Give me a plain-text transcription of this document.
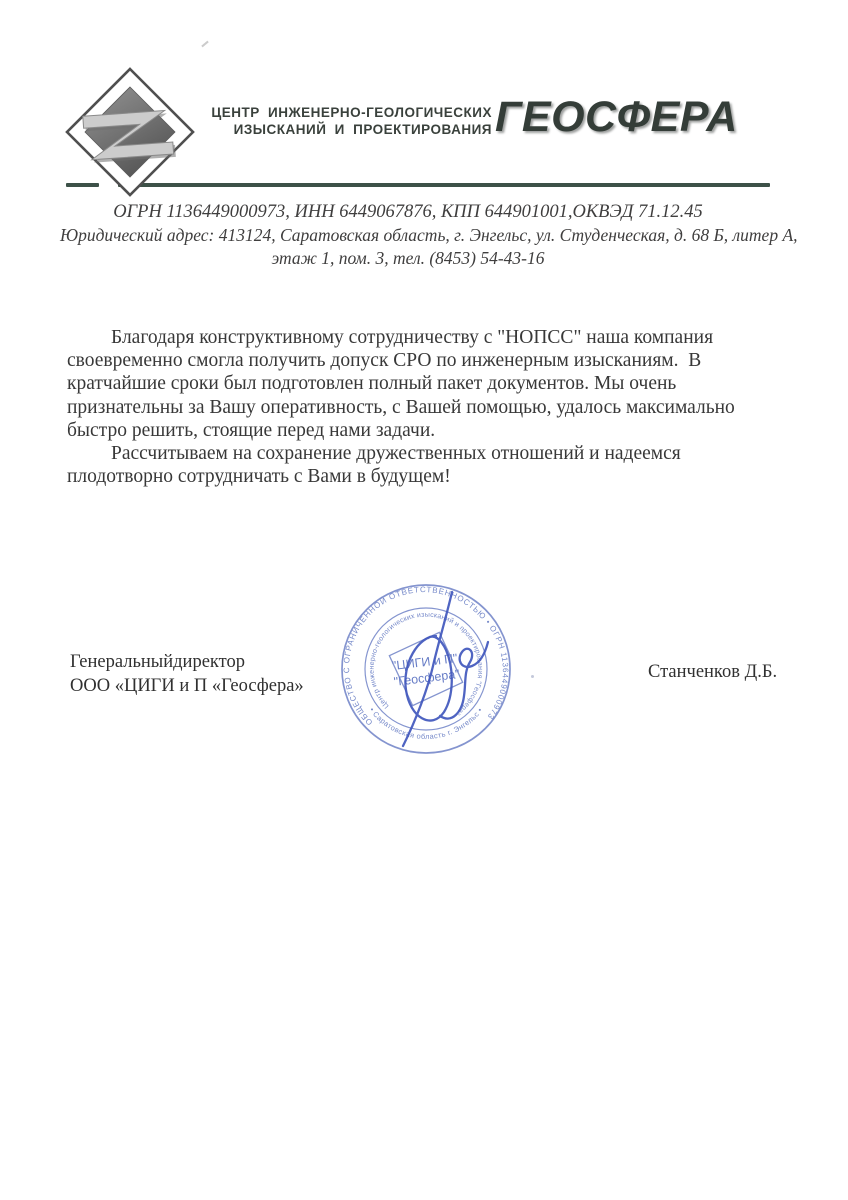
ЦЕНТР ИНЖЕНЕРНО-ГЕОЛОГИЧЕСКИХ
ИЗЫСКАНИЙ И ПРОЕКТИРОВАНИЯ ГЕОСФЕРА
ОГРН 1136449000973, ИНН 6449067876, КПП 644901001,ОКВЭД 71.12.45
Юридический адрес: 413124, Саратовская область, г. Энгельс, ул. Студенческая, д. 68 Б, литер А,
этаж 1, пом. 3, тел. (8453) 54-43-16

Благодаря конструктивному сотрудничеству с "НОПСС" наша компания своевременно смогла получить допуск СРО по инженерным изысканиям.  В кратчайшие сроки был подготовлен полный пакет документов. Мы очень признательны за Вашу оперативность, с Вашей помощью, удалось максимально быстро решить, стоящие перед нами задачи.

Рассчитываем на сохранение дружественных отношений и надеемся плодотворно сотрудничать с Вами в будущем!

Генеральныйдиректор
ООО «ЦИГИ и П «Геосфера»
Станченков Д.Б.
ОБЩЕСТВО С ОГРАНИЧЕННОЙ ОТВЕТСТВЕННОСТЬЮ • ОГРН 1136449000973
Центр инженерно-геологических изысканий и проектирования "Геосфера"
• Саратовская область г. Энгельс •
"ЦИГИ и П"
"Геосфера"
